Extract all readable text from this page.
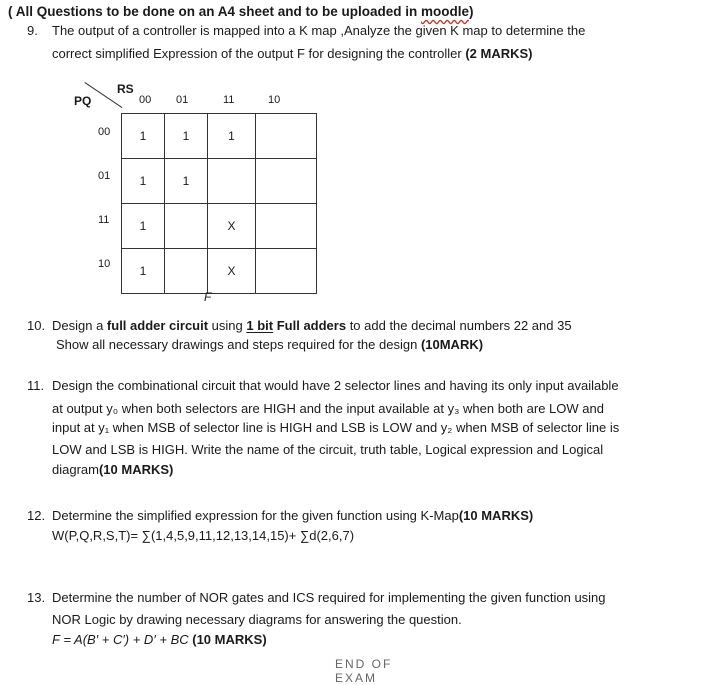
( All Questions to be done on an A4 sheet and to be uploaded in moodle)
9. The output of a controller is mapped into a K map ,Analyze the given K map to determine the
correct simplified Expression of the output F for designing the controller (2 MARKS)
RS
PQ	00 01	11	10
00
01
11
10
1	1	1	
1	1		
1		X	
1		X	
F
10. Design a full adder circuit using 1 bit Full adders to add the decimal numbers 22 and 35
Show all necessary drawings and steps required for the design (10MARK)
11. Design the combinational circuit that would have 2 selector lines and having its only input available
at output y₀ when both selectors are HIGH and the input available at y₃ when both are LOW and
input at y₁ when MSB of selector line is HIGH and LSB is LOW and y₂ when MSB of selector line is
LOW and LSB is HIGH. Write the name of the circuit, truth table, Logical expression and Logical
diagram(10 MARKS)
12. Determine the simplified expression for the given function using K-Map(10 MARKS)
W(P,Q,R,S,T)= ∑(1,4,5,9,11,12,13,14,15)+ ∑d(2,6,7)
13. Determine the number of NOR gates and ICS required for implementing the given function using
NOR Logic by drawing necessary diagrams for answering the question.
F = A(B′ + C′) + D′ + BC (10 MARKS)
END OF EXAM
